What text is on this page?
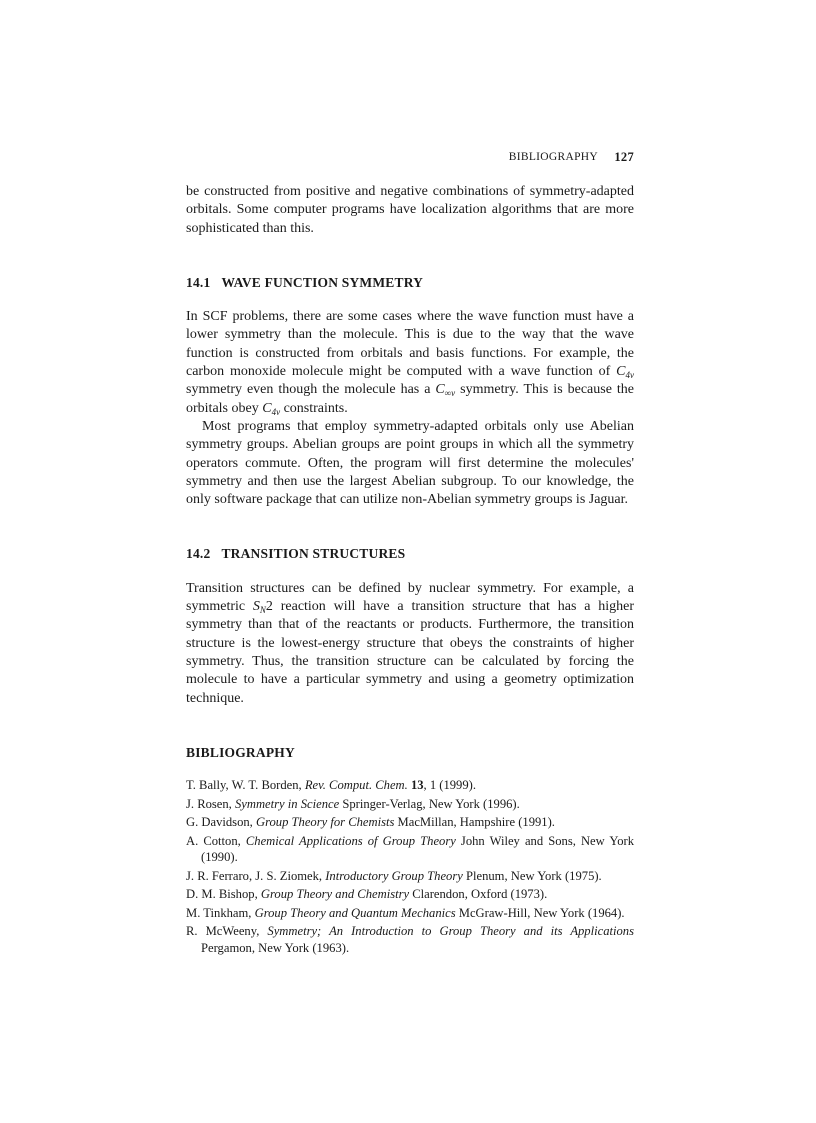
BIBLIOGRAPHY 127

be constructed from positive and negative combinations of symmetry-adapted orbitals. Some computer programs have localization algorithms that are more sophisticated than this.

14.1 WAVE FUNCTION SYMMETRY

In SCF problems, there are some cases where the wave function must have a lower symmetry than the molecule. This is due to the way that the wave function is constructed from orbitals and basis functions. For example, the carbon monoxide molecule might be computed with a wave function of $C_{4v}$ symmetry even though the molecule has a $C_{\infty v}$ symmetry. This is because the orbitals obey $C_{4v}$ constraints.

Most programs that employ symmetry-adapted orbitals only use Abelian symmetry groups. Abelian groups are point groups in which all the symmetry operators commute. Often, the program will first determine the molecules' symmetry and then use the largest Abelian subgroup. To our knowledge, the only software package that can utilize non-Abelian symmetry groups is Jaguar.

14.2 TRANSITION STRUCTURES

Transition structures can be defined by nuclear symmetry. For example, a symmetric $S_N2$ reaction will have a transition structure that has a higher symmetry than that of the reactants or products. Furthermore, the transition structure is the lowest-energy structure that obeys the constraints of higher symmetry. Thus, the transition structure can be calculated by forcing the molecule to have a particular symmetry and using a geometry optimization technique.

BIBLIOGRAPHY
T. Bally, W. T. Borden, Rev. Comput. Chem. 13, 1 (1999).
J. Rosen, Symmetry in Science Springer-Verlag, New York (1996).
G. Davidson, Group Theory for Chemists MacMillan, Hampshire (1991).
A. Cotton, Chemical Applications of Group Theory John Wiley and Sons, New York (1990).
J. R. Ferraro, J. S. Ziomek, Introductory Group Theory Plenum, New York (1975).
D. M. Bishop, Group Theory and Chemistry Clarendon, Oxford (1973).
M. Tinkham, Group Theory and Quantum Mechanics McGraw-Hill, New York (1964).
R. McWeeny, Symmetry; An Introduction to Group Theory and its Applications Pergamon, New York (1963).
